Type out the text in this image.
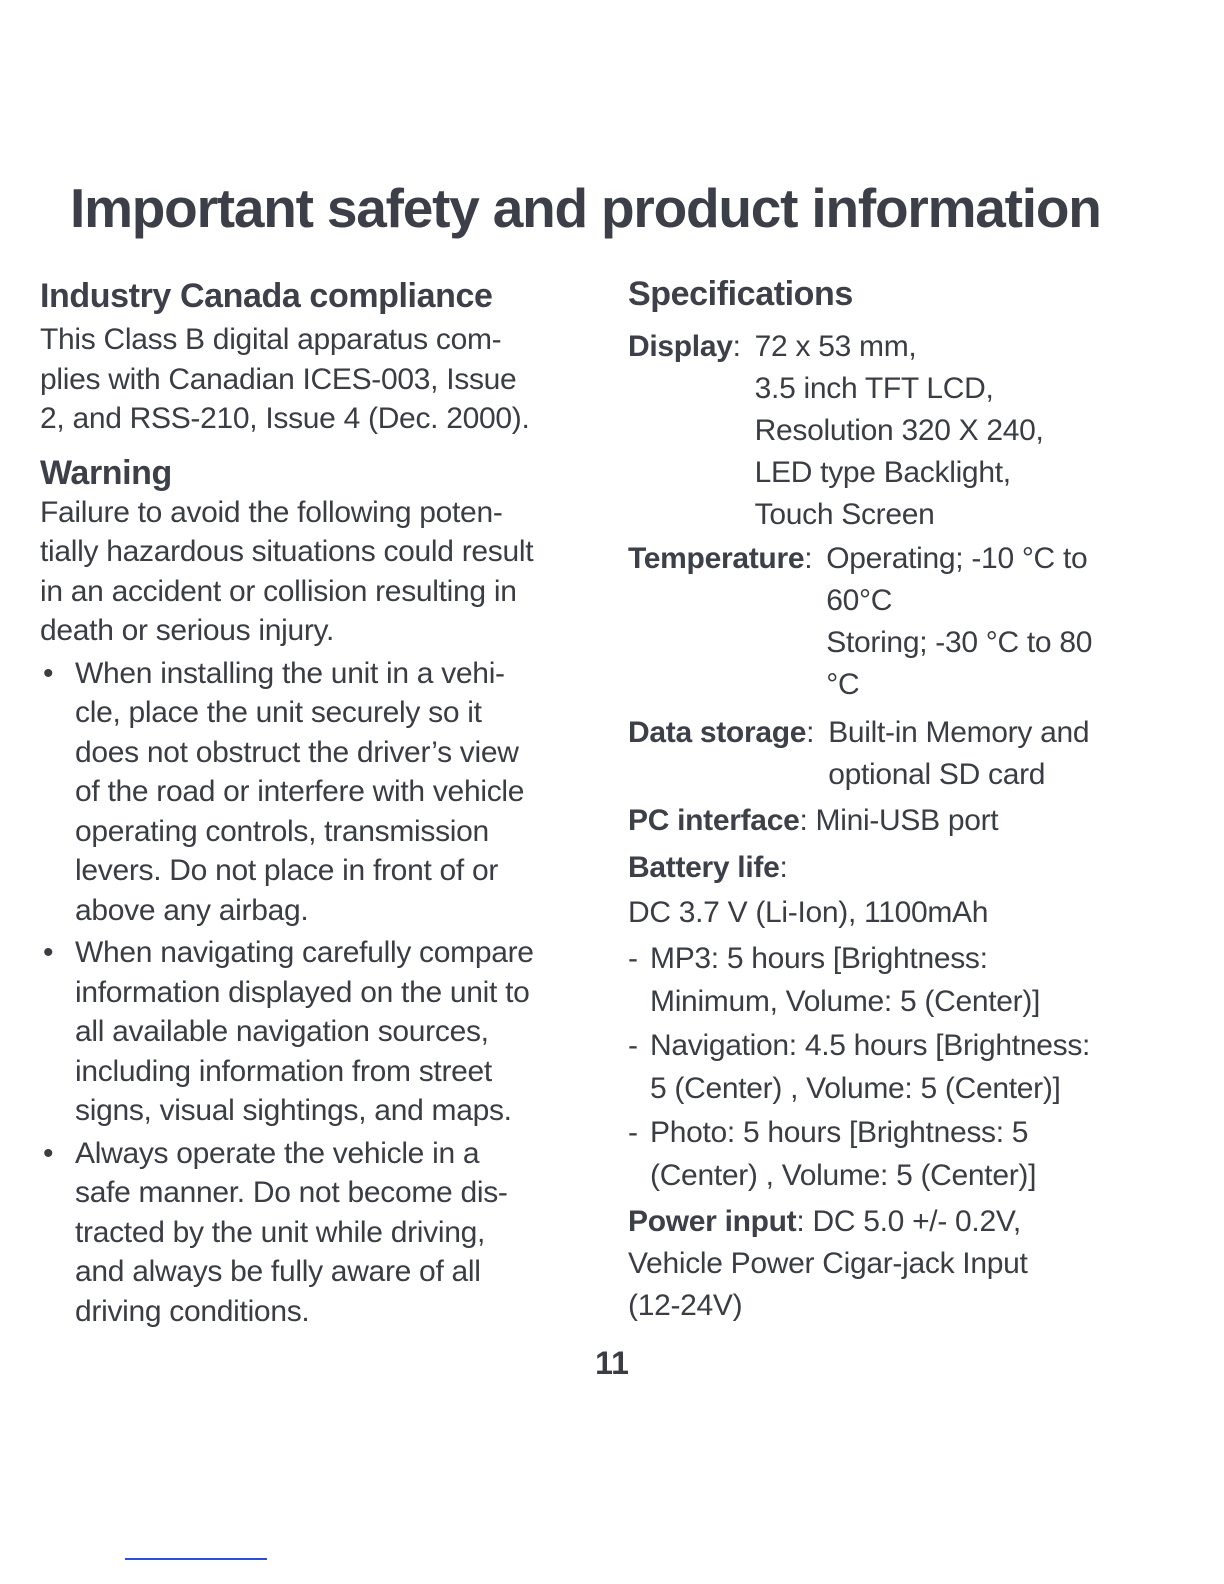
Important safety and product information
Industry Canada compliance

This Class B digital apparatus com-
plies with Canadian ICES-003, Issue
2, and RSS-210, Issue 4 (Dec. 2000).

Warning

Failure to avoid the following poten-
tially hazardous situations could result
in an accident or collision resulting in
death or serious injury.

• When installing the unit in a vehi-
cle, place the unit securely so it
does not obstruct the driver’s view
of the road or interfere with vehicle
operating controls, transmission
levers. Do not place in front of or
above any airbag.
• When navigating carefully compare
information displayed on the unit to
all available navigation sources,
including information from street
signs, visual sightings, and maps.
• Always operate the vehicle in a
safe manner. Do not become dis-
tracted by the unit while driving,
and always be fully aware of all
driving conditions.
Specifications
Display: 72 x 53 mm,
3.5 inch TFT LCD,
Resolution 320 X 240,
LED type Backlight,
Touch Screen
Temperature: Operating; -10 °C to
60°C
Storing; -30 °C to 80
°C
Data storage: Built-in Memory and
optional SD card
PC interface: Mini-USB port
Battery life:
DC 3.7 V (Li-Ion), 1100mAh
- MP3: 5 hours [Brightness:
Minimum, Volume: 5 (Center)]
- Navigation: 4.5 hours [Brightness:
5 (Center) , Volume: 5 (Center)]
- Photo: 5 hours [Brightness: 5
(Center) , Volume: 5 (Center)]
Power input: DC 5.0 +/- 0.2V,
Vehicle Power Cigar-jack Input
(12-24V)
11
